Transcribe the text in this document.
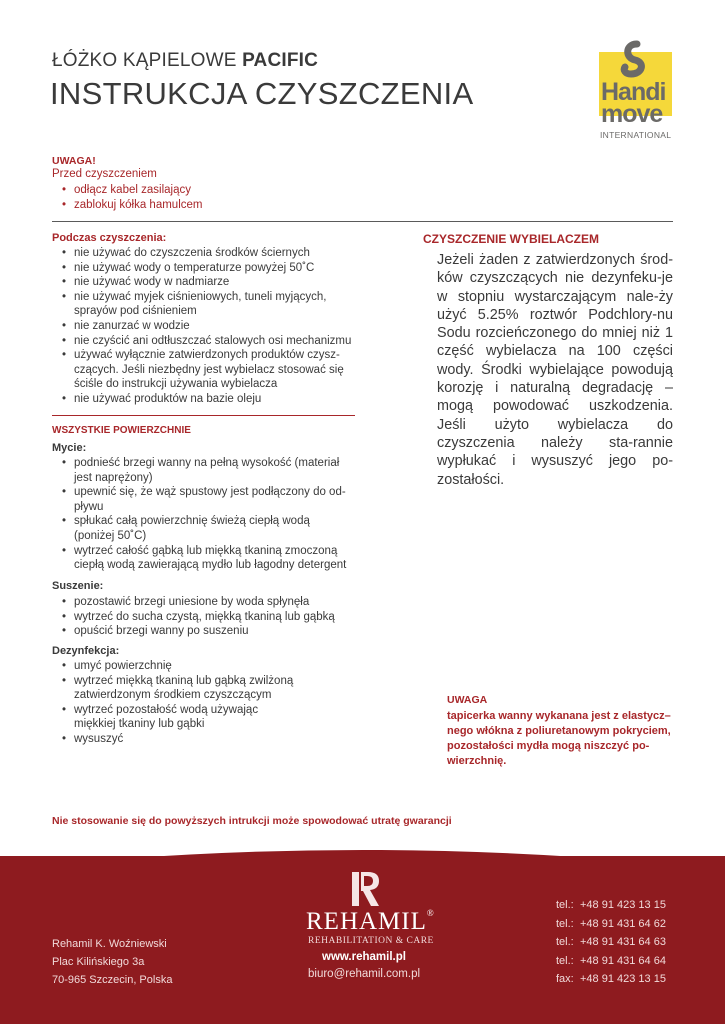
ŁÓŻKO KĄPIELOWE PACIFIC
INSTRUKCJA CZYSZCZENIA	Handi
move
INTERNATIONAL
UWAGA!
Przed czyszczeniem
• odłącz kabel zasilający
• zablokuj kółka hamulcem
Podczas czyszczenia:
• nie używać do czyszczenia środków ściernych
• nie używać wody o temperaturze powyżej 50˚C
• nie używać wody w nadmiarze
• nie używać myjek ciśnieniowych, tuneli myjących, sprayów pod ciśnieniem
• nie zanurzać w wodzie
• nie czyścić ani odtłuszczać stalowych osi mechanizmu
• używać wyłącznie zatwierdzonych produktów czysz-czących. Jeśli niezbędny jest wybielacz stosować się ściśle do instrukcji używania wybielacza
• nie używać produktów na bazie oleju
WSZYSTKIE POWIERZCHNIE
Mycie:
• podnieść brzegi wanny na pełną wysokość (materiał jest naprężony)
• upewnić się, że wąż spustowy jest podłączony do od-pływu
• spłukać całą powierzchnię świeżą ciepłą wodą (poniżej 50˚C)
• wytrzeć całość gąbką lub miękką tkaniną zmoczoną ciepłą wodą zawierającą mydło lub łagodny detergent
Suszenie:
• pozostawić brzegi uniesione by woda spłynęła
• wytrzeć do sucha czystą, miękką tkaniną lub gąbką
• opuścić brzegi wanny po suszeniu
Dezynfekcja:
• umyć powierzchnię
• wytrzeć miękką tkaniną lub gąbką zwilżoną zatwierdzonym środkiem czyszczącym
• wytrzeć pozostałość wodą używając miękkiej tkaniny lub gąbki
• wysuszyć
CZYSZCZENIE WYBIELACZEM
Jeżeli żaden z zatwierdzonych środ-ków czyszczących nie dezynfeku-je w stopniu wystarczającym nale-ży użyć 5.25% roztwór Podchlory-nu Sodu rozcieńczonego do mniej niż 1 część wybielacza na 100 części wody. Środki wybielające powodują korozję i naturalną degradację – mogą powodować uszkodzenia. Jeśli użyto wybielacza do czyszczenia należy sta-rannie wypłukać i wysuszyć jego po-zostałości.
UWAGA
tapicerka wanny wykanana jest z elastycz–
nego włókna z poliuretanowym pokryciem,
pozostałości mydła mogą niszczyć po-
wierzchnię.
Nie stosowanie się do powyższych intrukcji może spowodować utratę gwarancji
Rehamil K. Woźniewski
Plac Kilińskiego 3a
70-965 Szczecin, Polska
REHAMIL®
REHABILITATION & CARE
www.rehamil.pl
biuro@rehamil.com.pl
tel.: +48 91 423 13 15
tel.: +48 91 431 64 62
tel.: +48 91 431 64 63
tel.: +48 91 431 64 64
fax: +48 91 423 13 15
